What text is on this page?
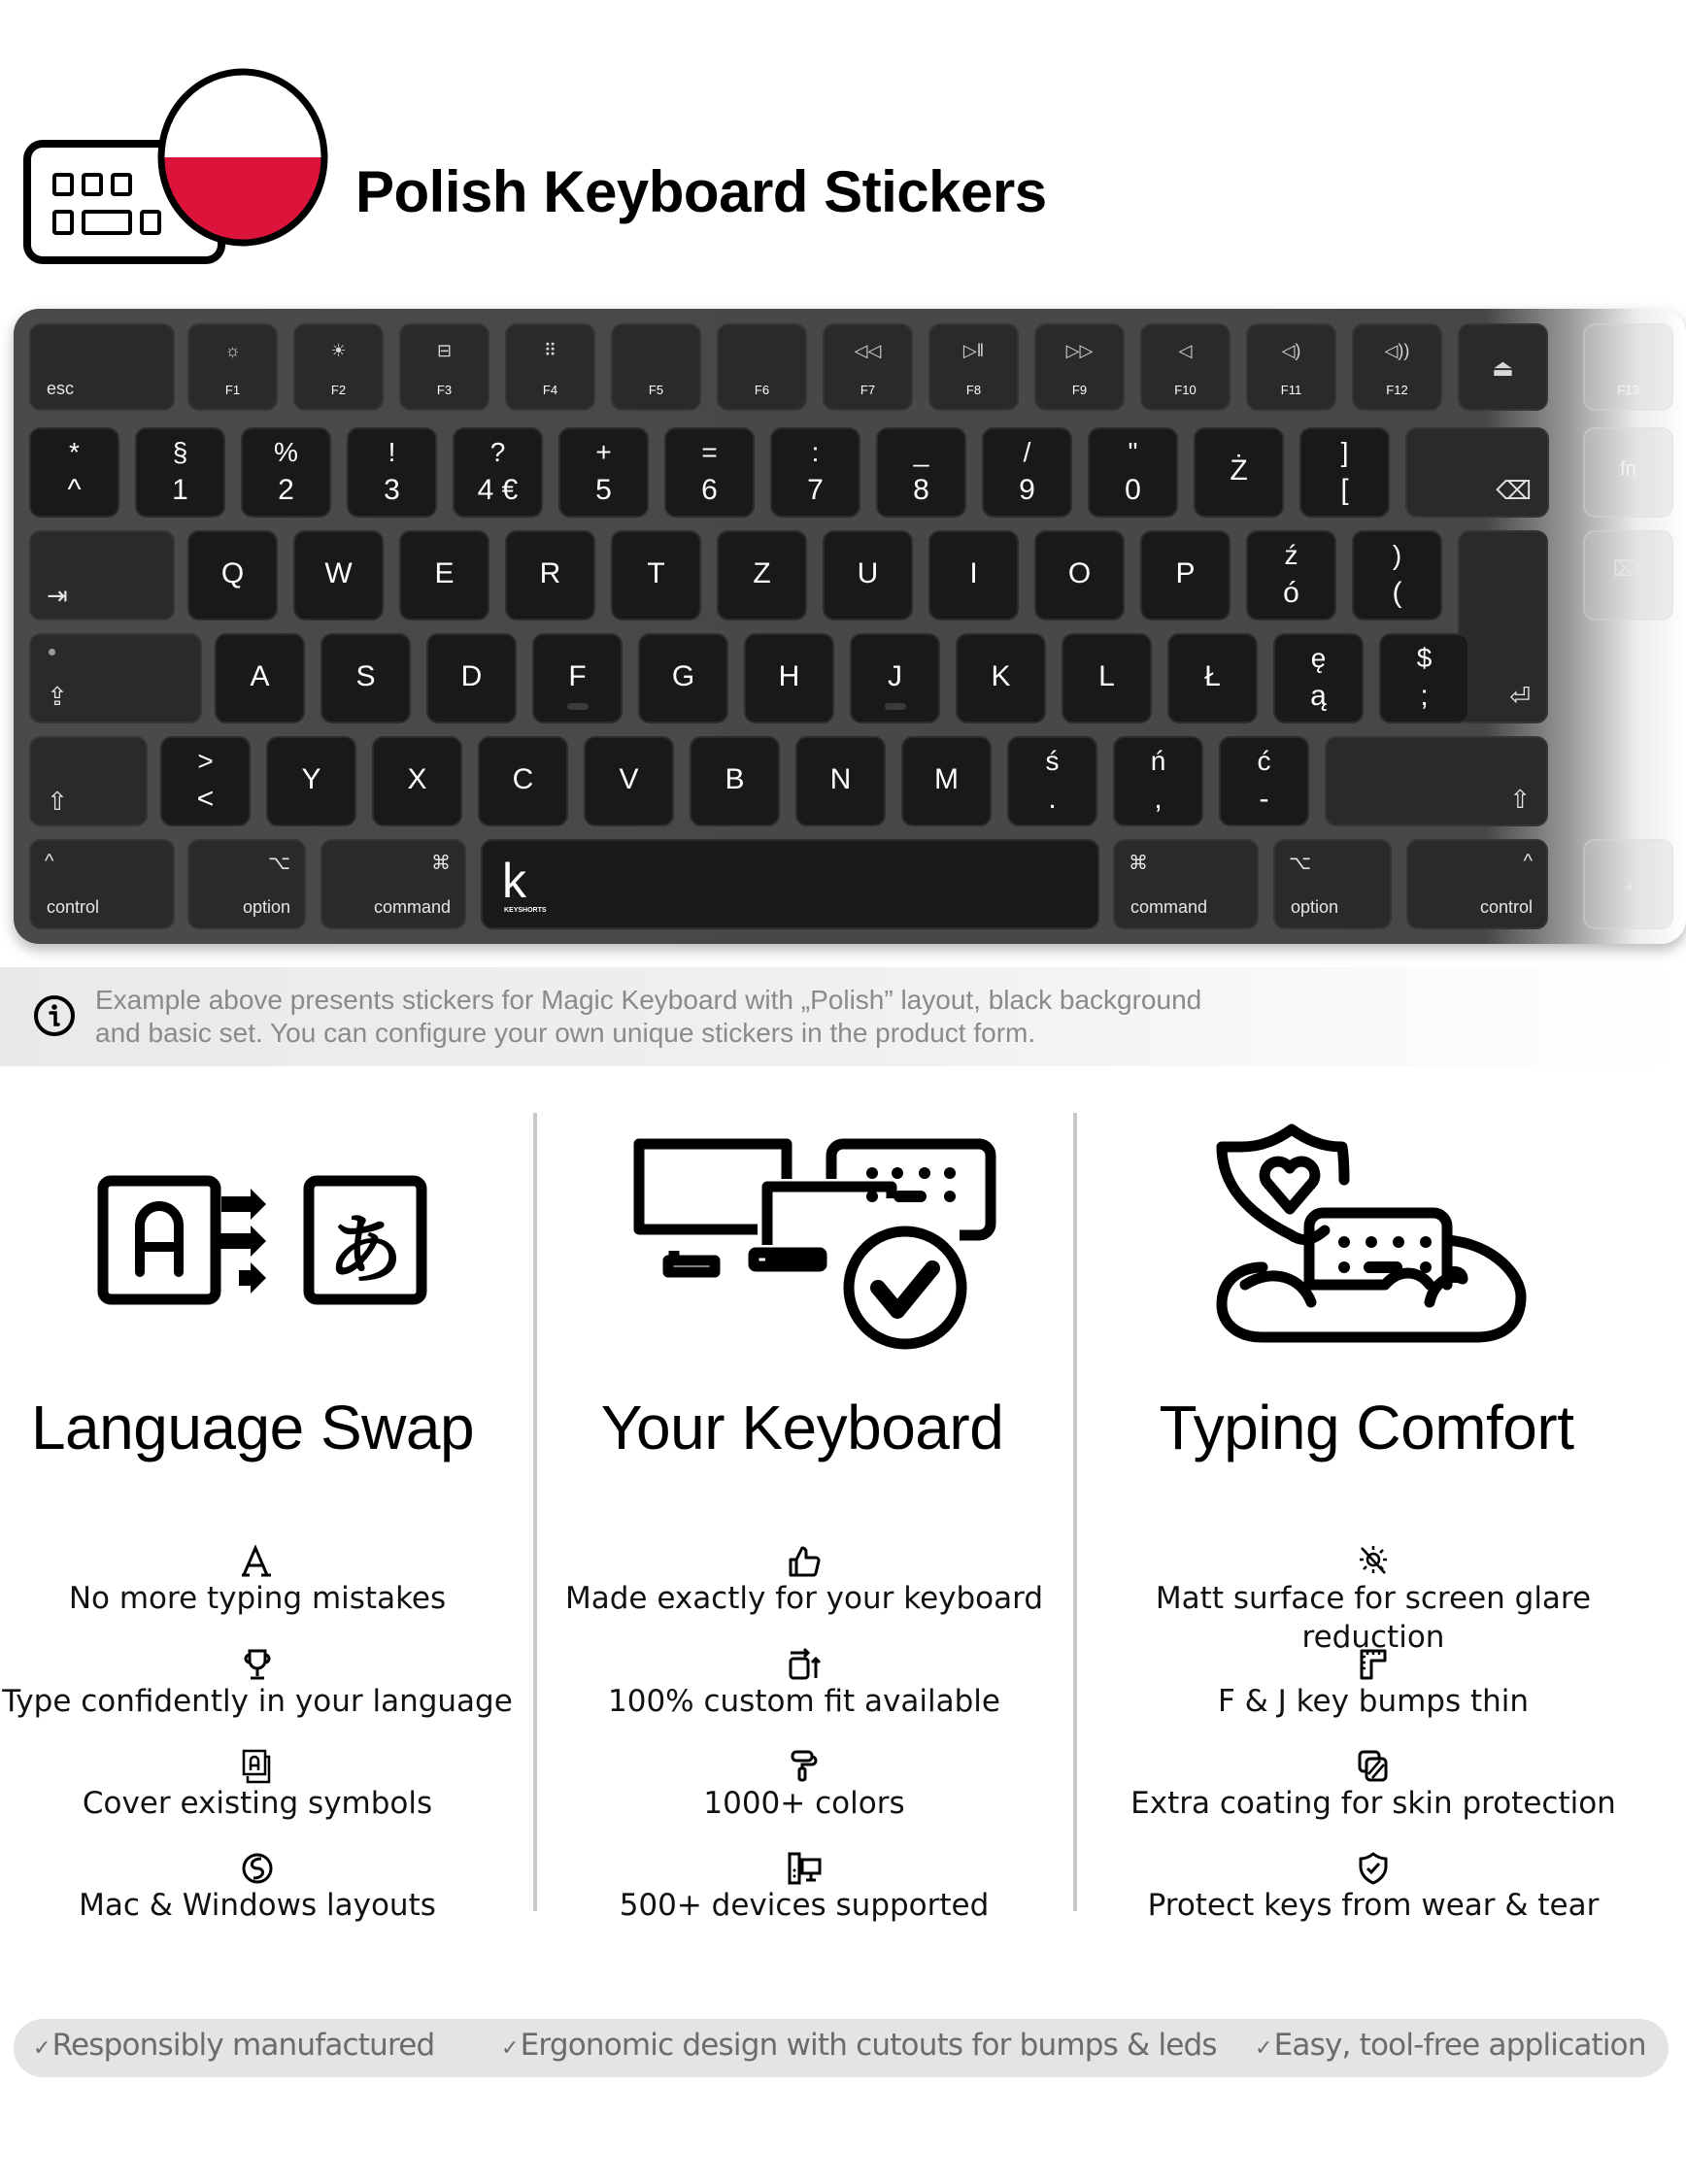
Polish Keyboard Stickers
esc
☼
F1
☀
F2
⊟
F3
⠿
F4	F5	F6
◁◁
F7
▷ǁ
F8
▷▷
F9
◁
F10
◁)
F11
◁))
F12
⏏
F13
*
^
§
1
%
2
!
3
?
4 €
+
5
=
6
:
7
_
8
/
9
"
0
Ż
]
[	⌫
fn
⇥
Q	W	E	R	T	Z	U	I	O	P
ź
ó
)
(
⏎
⌦
⇪
A	S	D	F	G	H	J	K	L	Ł
ę
ą
$
;
⇧
>
<
Y	X	C	V	B	N	M
ś
.
ń
,
ć
-	⇧
^
control
⌥
option
⌘
command k
KEYSHORTS
⌘
command
⌥
option
^
control
◂
Example above presents stickers for Magic Keyboard with „Polish” layout, black background
and basic set. You can configure your own unique stickers in the product form.
あ
Language Swap	Your Keyboard	Typing Comfort
No more typing mistakes
Type confidently in your language
Cover existing symbols
Mac & Windows layouts
Made exactly for your keyboard
100% custom fit available
1000+ colors
500+ devices supported
Matt surface for screen glare reduction
F & J key bumps thin
Extra coating for skin protection
Protect keys from wear & tear
✓Responsibly manufactured	✓Ergonomic design with cutouts for bumps & leds ✓Easy, tool-free application
